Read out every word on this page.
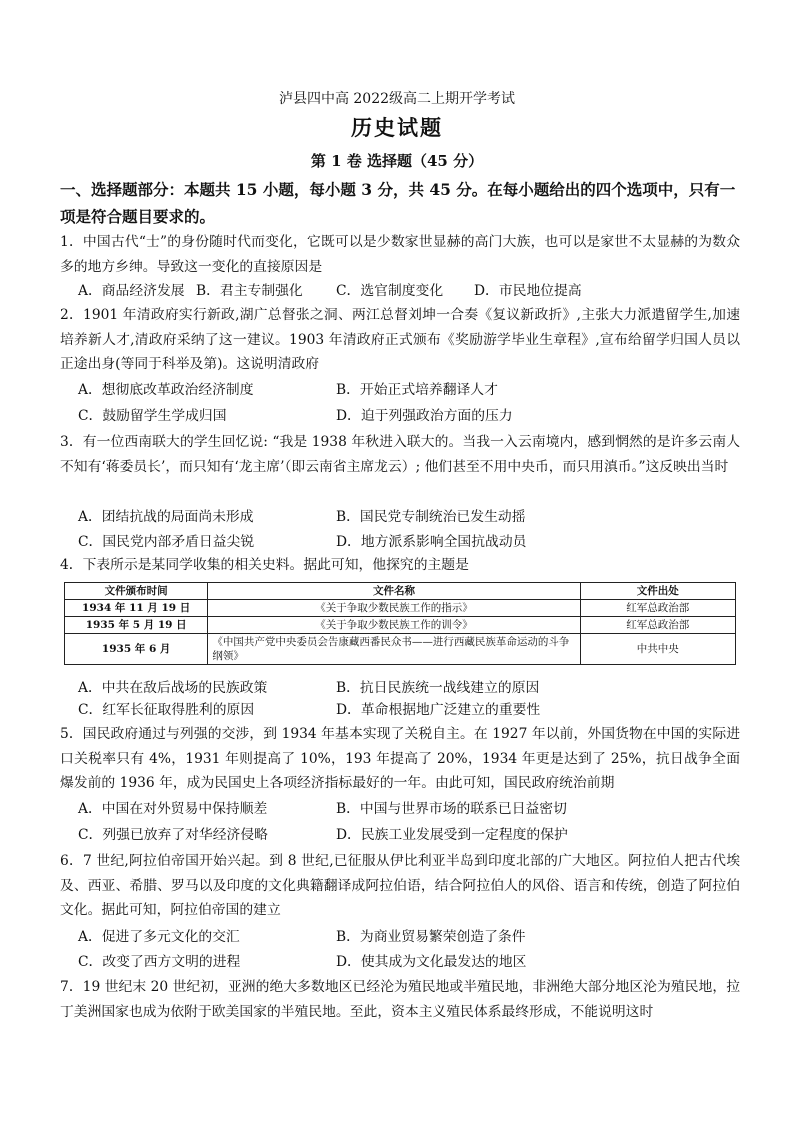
泸县四中高 2022级高二上期开学考试
历史试题
第 1 卷 选择题（45 分）
一、选择题部分：本题共 15 小题，每小题 3 分，共 45 分。在每小题给出的四个选项中，只有一项是符合题目要求的。
1．中国古代“士”的身份随时代而变化，它既可以是少数家世显赫的高门大族，也可以是家世不太显赫的为数众多的地方乡绅。导致这一变化的直接原因是
A．商品经济发展 B．君主专制强化 C．选官制度变化 D．市民地位提高
2．1901 年清政府实行新政,湖广总督张之洞、两江总督刘坤一合奏《复议新政折》,主张大力派遣留学生,加速培养新人才,清政府采纳了这一建议。1903 年清政府正式颁布《奖励游学毕业生章程》,宣布给留学归国人员以正途出身(等同于科举及第)。这说明清政府
A．想彻底改革政治经济制度	B．开始正式培养翻译人才
C．鼓励留学生学成归国	D．迫于列强政治方面的压力
3．有一位西南联大的学生回忆说: “我是 1938 年秋进入联大的。当我一入云南境内，感到惘然的是许多云南人不知有‘蒋委员长’，而只知有‘龙主席’（即云南省主席龙云）; 他们甚至不用中央币，而只用滇币。”这反映出当时
A．团结抗战的局面尚未形成	B．国民党专制统治已发生动摇
C．国民党内部矛盾日益尖锐	D．地方派系影响全国抗战动员
4．下表所示是某同学收集的相关史料。据此可知，他探究的主题是
文件颁布时间	文件名称	文件出处
1934 年 11 月 19 日	《关于争取少数民族工作的指示》	红军总政治部
1935 年 5 月 19 日	《关于争取少数民族工作的训令》	红军总政治部
1935 年 6 月	《中国共产党中央委员会告康藏西番民众书——进行西藏民族革命运动的斗争纲领》	中共中央
A．中共在敌后战场的民族政策	B．抗日民族统一战线建立的原因
C．红军长征取得胜利的原因	D．革命根据地广泛建立的重要性
5．国民政府通过与列强的交涉，到 1934 年基本实现了关税自主。在 1927 年以前，外国货物在中国的实际进口关税率只有 4%，1931 年则提高了 10%，193 年提高了 20%，1934 年更是达到了 25%，抗日战争全面爆发前的 1936 年，成为民国史上各项经济指标最好的一年。由此可知，国民政府统治前期
A．中国在对外贸易中保持顺差	B．中国与世界市场的联系已日益密切
C．列强已放弃了对华经济侵略	D．民族工业发展受到一定程度的保护
6．7 世纪,阿拉伯帝国开始兴起。到 8 世纪,已征服从伊比利亚半岛到印度北部的广大地区。阿拉伯人把古代埃及、西亚、希腊、罗马以及印度的文化典籍翻译成阿拉伯语，结合阿拉伯人的风俗、语言和传统，创造了阿拉伯文化。据此可知，阿拉伯帝国的建立
A．促进了多元文化的交汇	B．为商业贸易繁荣创造了条件
C．改变了西方文明的进程	D．使其成为文化最发达的地区
7．19 世纪末 20 世纪初，亚洲的绝大多数地区已经沦为殖民地或半殖民地，非洲绝大部分地区沦为殖民地，拉丁美洲国家也成为依附于欧美国家的半殖民地。至此，资本主义殖民体系最终形成，不能说明这时
